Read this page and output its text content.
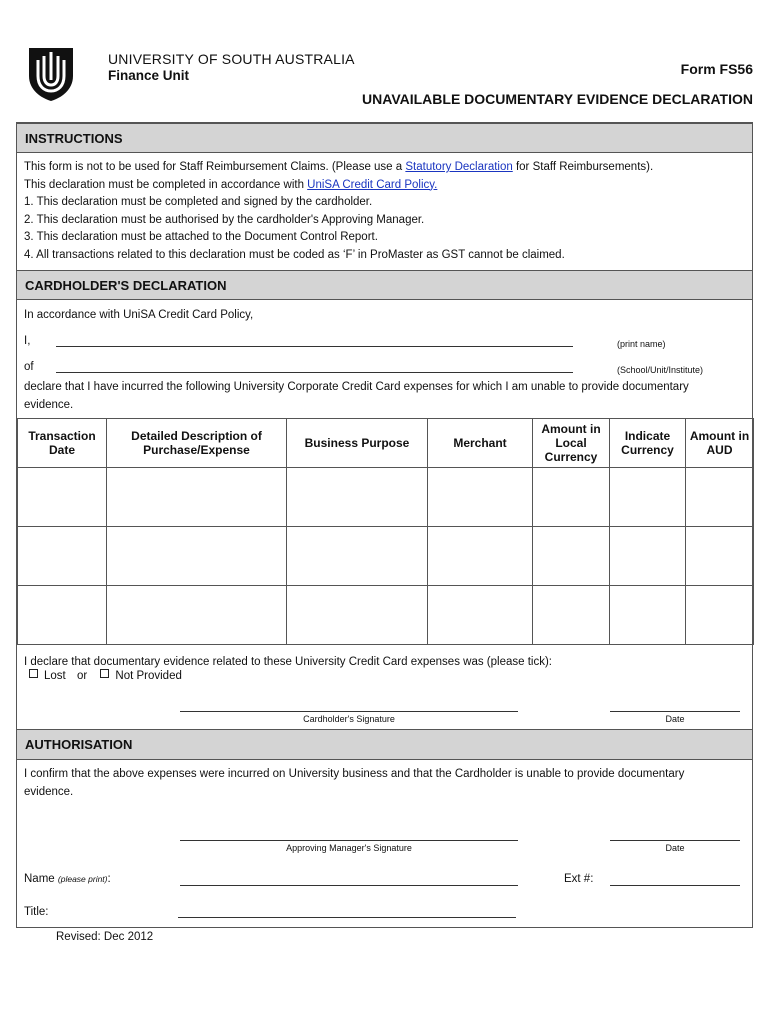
UNIVERSITY OF SOUTH AUSTRALIA
Finance Unit	Form FS56
UNAVAILABLE DOCUMENTARY EVIDENCE DECLARATION
INSTRUCTIONS
This form is not to be used for Staff Reimbursement Claims. (Please use a Statutory Declaration for Staff Reimbursements).
This declaration must be completed in accordance with UniSA Credit Card Policy.
1. This declaration must be completed and signed by the cardholder.
2. This declaration must be authorised by the cardholder's Approving Manager.
3. This declaration must be attached to the Document Control Report.
4. All transactions related to this declaration must be coded as ‘F’ in ProMaster as GST cannot be claimed.
CARDHOLDER'S DECLARATION
In accordance with UniSA Credit Card Policy,
I,	(print name)
of	(School/Unit/Institute)
declare that I have incurred the following University Corporate Credit Card expenses for which I am unable to provide documentary evidence.
Transaction Date	Detailed Description of Purchase/Expense	Business Purpose	Merchant	Amount in Local Currency	Indicate Currency	Amount in AUD

I declare that documentary evidence related to these University Credit Card expenses was (please tick):
Lost or Not Provided
Cardholder's Signature	Date
AUTHORISATION
I confirm that the above expenses were incurred on University business and that the Cardholder is unable to provide documentary evidence.
Approving Manager's Signature	Date
Name (please print):	Ext #:
Title:
Revised: Dec 2012
